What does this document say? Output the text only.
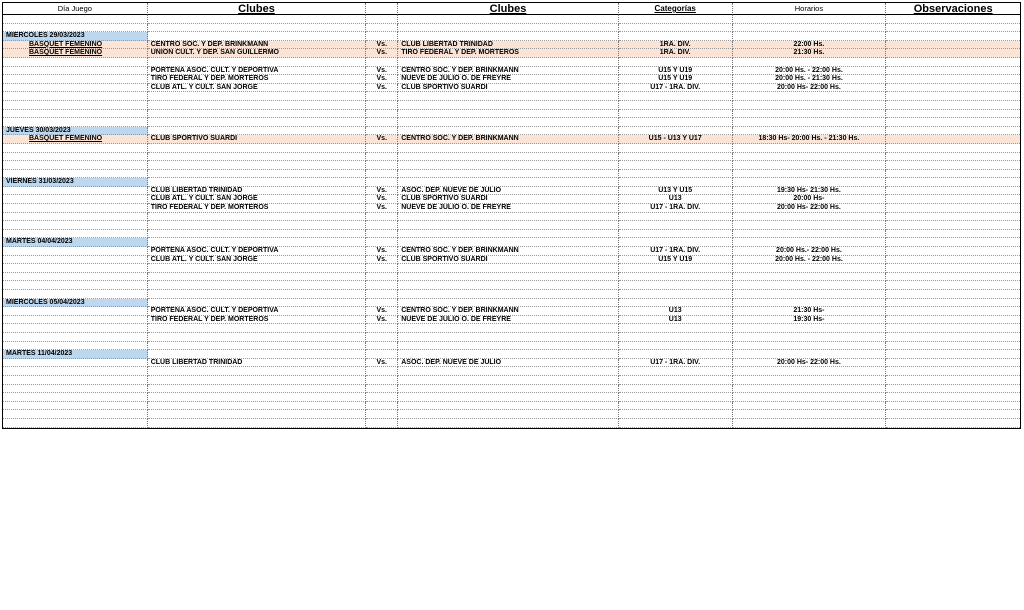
Día Juego	Clubes	Clubes	Categorías	Horarios	Observaciones
MIERCOLES 29/03/2023
BASQUET FEMENINO	CENTRO SOC. Y DEP. BRINKMANN	Vs.	CLUB LIBERTAD TRINIDAD	1RA. DIV.	22:00 Hs.
BASQUET FEMENINO	UNION CULT. Y DEP. SAN GUILLERMO	Vs.	TIRO FEDERAL Y DEP. MORTEROS	1RA. DIV.	21:30 Hs.
PORTEÑA ASOC. CULT. Y DEPORTIVA	Vs.	CENTRO SOC. Y DEP. BRINKMANN	U15 Y U19	20:00 Hs. - 22:00 Hs.
TIRO FEDERAL Y DEP. MORTEROS	Vs.	NUEVE DE JULIO O. DE FREYRE	U15 Y U19	20:00 Hs. - 21:30 Hs.
CLUB ATL. Y CULT. SAN JORGE	Vs.	CLUB SPORTIVO SUARDI	U17 - 1RA. DIV.	20:00 Hs- 22:00 Hs.
JUEVES 30/03/2023
BASQUET FEMENINO	CLUB SPORTIVO SUARDI	Vs.	CENTRO SOC. Y DEP. BRINKMANN	U15 - U13 Y U17	18:30 Hs- 20:00 Hs. - 21:30 Hs.
VIERNES 31/03/2023
CLUB LIBERTAD TRINIDAD	Vs.	ASOC. DEP. NUEVE DE JULIO	U13 Y U15	19:30 Hs- 21:30 Hs.
CLUB ATL. Y CULT. SAN JORGE	Vs.	CLUB SPORTIVO SUARDI	U13	20:00 Hs-
TIRO FEDERAL Y DEP. MORTEROS	Vs.	NUEVE DE JULIO O. DE FREYRE	U17 - 1RA. DIV.	20:00 Hs- 22:00 Hs.
MARTES 04/04/2023
PORTEÑA ASOC. CULT. Y DEPORTIVA	Vs.	CENTRO SOC. Y DEP. BRINKMANN	U17 - 1RA. DIV.	20:00 Hs.- 22:00 Hs.
CLUB ATL. Y CULT. SAN JORGE	Vs.	CLUB SPORTIVO SUARDI	U15 Y U19	20:00 Hs. - 22:00 Hs.
MIERCOLES 05/04/2023
PORTEÑA ASOC. CULT. Y DEPORTIVA	Vs.	CENTRO SOC. Y DEP. BRINKMANN	U13	21:30 Hs-
TIRO FEDERAL Y DEP. MORTEROS	Vs.	NUEVE DE JULIO O. DE FREYRE	U13	19:30 Hs-
MARTES 11/04/2023
CLUB LIBERTAD TRINIDAD	Vs.	ASOC. DEP. NUEVE DE JULIO	U17 - 1RA. DIV.	20:00 Hs- 22:00 Hs.
